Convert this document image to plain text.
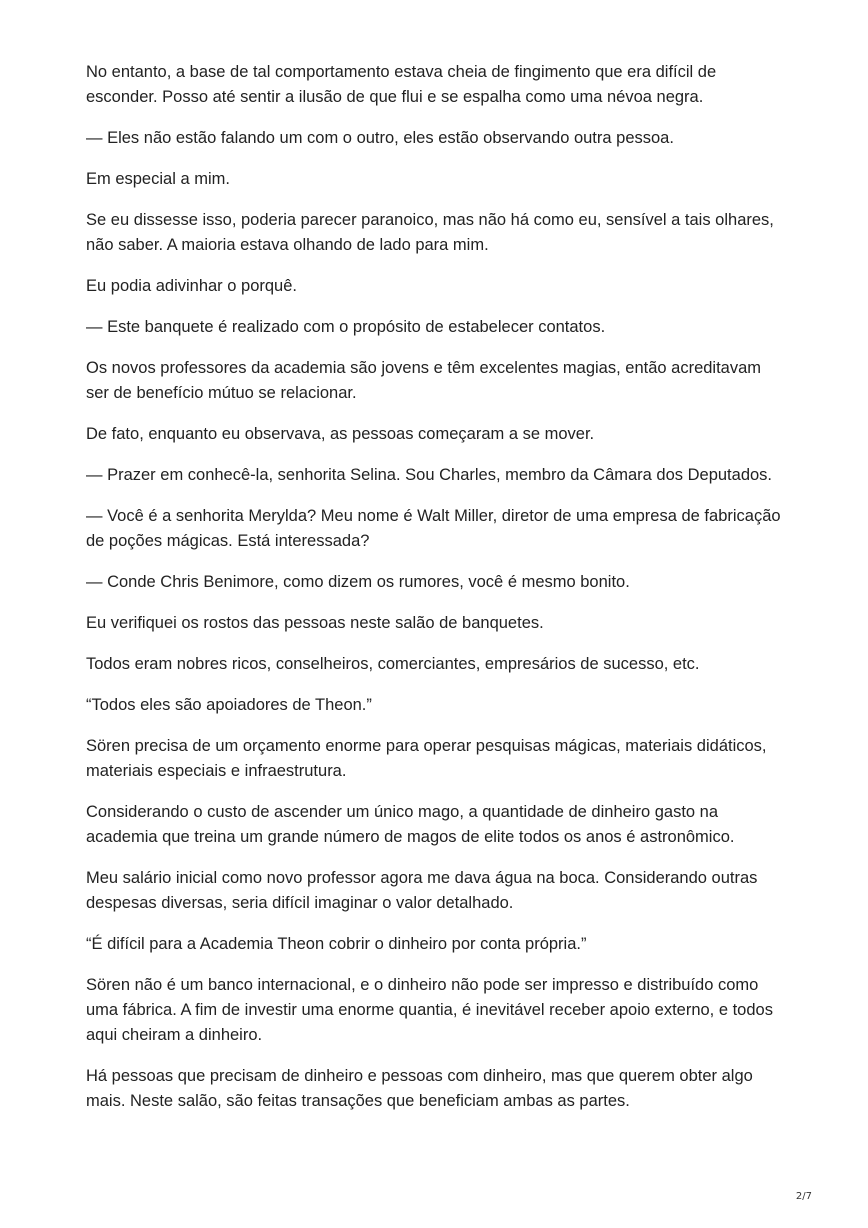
No entanto, a base de tal comportamento estava cheia de fingimento que era difícil de esconder. Posso até sentir a ilusão de que flui e se espalha como uma névoa negra.

— Eles não estão falando um com o outro, eles estão observando outra pessoa.

Em especial a mim.

Se eu dissesse isso, poderia parecer paranoico, mas não há como eu, sensível a tais olhares, não saber. A maioria estava olhando de lado para mim.

Eu podia adivinhar o porquê.

— Este banquete é realizado com o propósito de estabelecer contatos.

Os novos professores da academia são jovens e têm excelentes magias, então acreditavam ser de benefício mútuo se relacionar.

De fato, enquanto eu observava, as pessoas começaram a se mover.

— Prazer em conhecê-la, senhorita Selina. Sou Charles, membro da Câmara dos Deputados.

— Você é a senhorita Merylda? Meu nome é Walt Miller, diretor de uma empresa de fabricação de poções mágicas. Está interessada?

— Conde Chris Benimore, como dizem os rumores, você é mesmo bonito.

Eu verifiquei os rostos das pessoas neste salão de banquetes.

Todos eram nobres ricos, conselheiros, comerciantes, empresários de sucesso, etc.

“Todos eles são apoiadores de Theon.”

Sören precisa de um orçamento enorme para operar pesquisas mágicas, materiais didáticos, materiais especiais e infraestrutura.

Considerando o custo de ascender um único mago, a quantidade de dinheiro gasto na academia que treina um grande número de magos de elite todos os anos é astronômico.

Meu salário inicial como novo professor agora me dava água na boca. Considerando outras despesas diversas, seria difícil imaginar o valor detalhado.

“É difícil para a Academia Theon cobrir o dinheiro por conta própria.”

Sören não é um banco internacional, e o dinheiro não pode ser impresso e distribuído como uma fábrica. A fim de investir uma enorme quantia, é inevitável receber apoio externo, e todos aqui cheiram a dinheiro.

Há pessoas que precisam de dinheiro e pessoas com dinheiro, mas que querem obter algo mais. Neste salão, são feitas transações que beneficiam ambas as partes.

2/7
